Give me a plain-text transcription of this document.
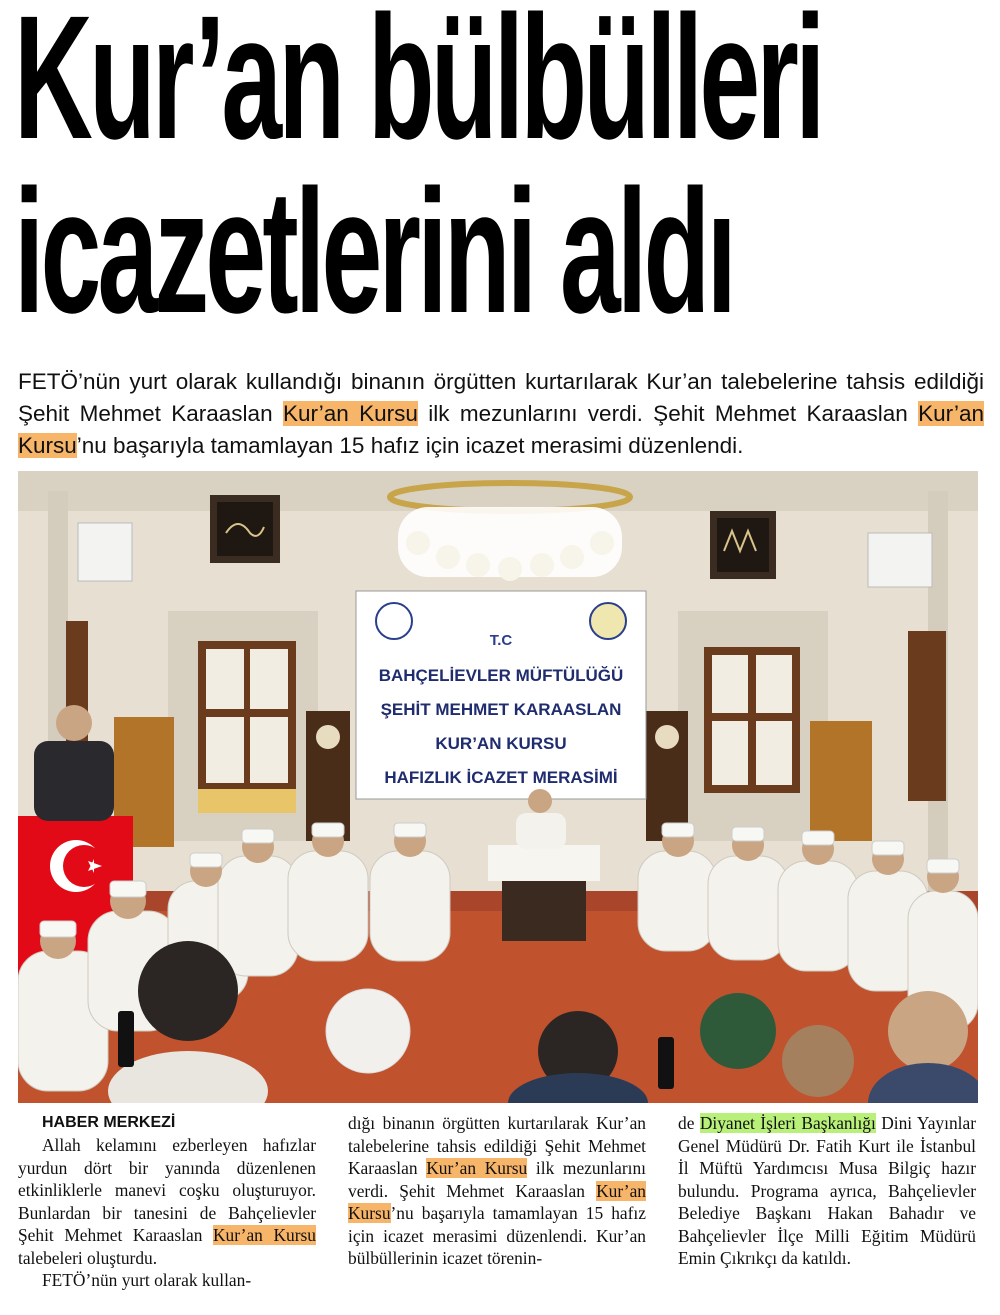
Kur’an bülbülleri
icazetlerini aldı
FETÖ’nün yurt olarak kullandığı binanın örgütten kurtarılarak Kur’an talebelerine tahsis edildiği Şehit Mehmet Karaaslan Kur’an Kursu ilk mezunlarını verdi. Şehit Mehmet Karaaslan Kur’an Kursu’nu başarıyla tamamlayan 15 hafız için icazet merasimi düzenlendi.
T.C
BAHÇELİEVLER MÜFTÜLÜĞÜ
ŞEHİT MEHMET KARAASLAN
KUR’AN KURSU
HAFIZLIK İCAZET MERASİMİ
HABER MERKEZİ

Allah kelamını ezberleyen hafızlar yurdun dört bir yanında düzenlenen etkinliklerle manevi coşku oluşturuyor. Bunlardan bir tanesini de Bahçelievler Şehit Mehmet Karaaslan Kur’an Kursu talebeleri oluşturdu.

FETÖ’nün yurt olarak kullan-

dığı binanın örgütten kurtarılarak Kur’an talebelerine tahsis edildiği Şehit Mehmet Karaaslan Kur’an Kursu ilk mezunlarını verdi. Şehit Mehmet Karaaslan Kur’an Kursu’nu başarıyla tamamlayan 15 hafız için icazet merasimi düzenlendi. Kur’an bülbüllerinin icazet törenin-

de Diyanet İşleri Başkanlığı Dini Yayınlar Genel Müdürü Dr. Fatih Kurt ile İstanbul İl Müftü Yardımcısı Musa Bilgiç hazır bulundu. Programa ayrıca, Bahçelievler Belediye Başkanı Hakan Bahadır ve Bahçelievler İlçe Milli Eğitim Müdürü Emin Çıkrıkçı da katıldı.
